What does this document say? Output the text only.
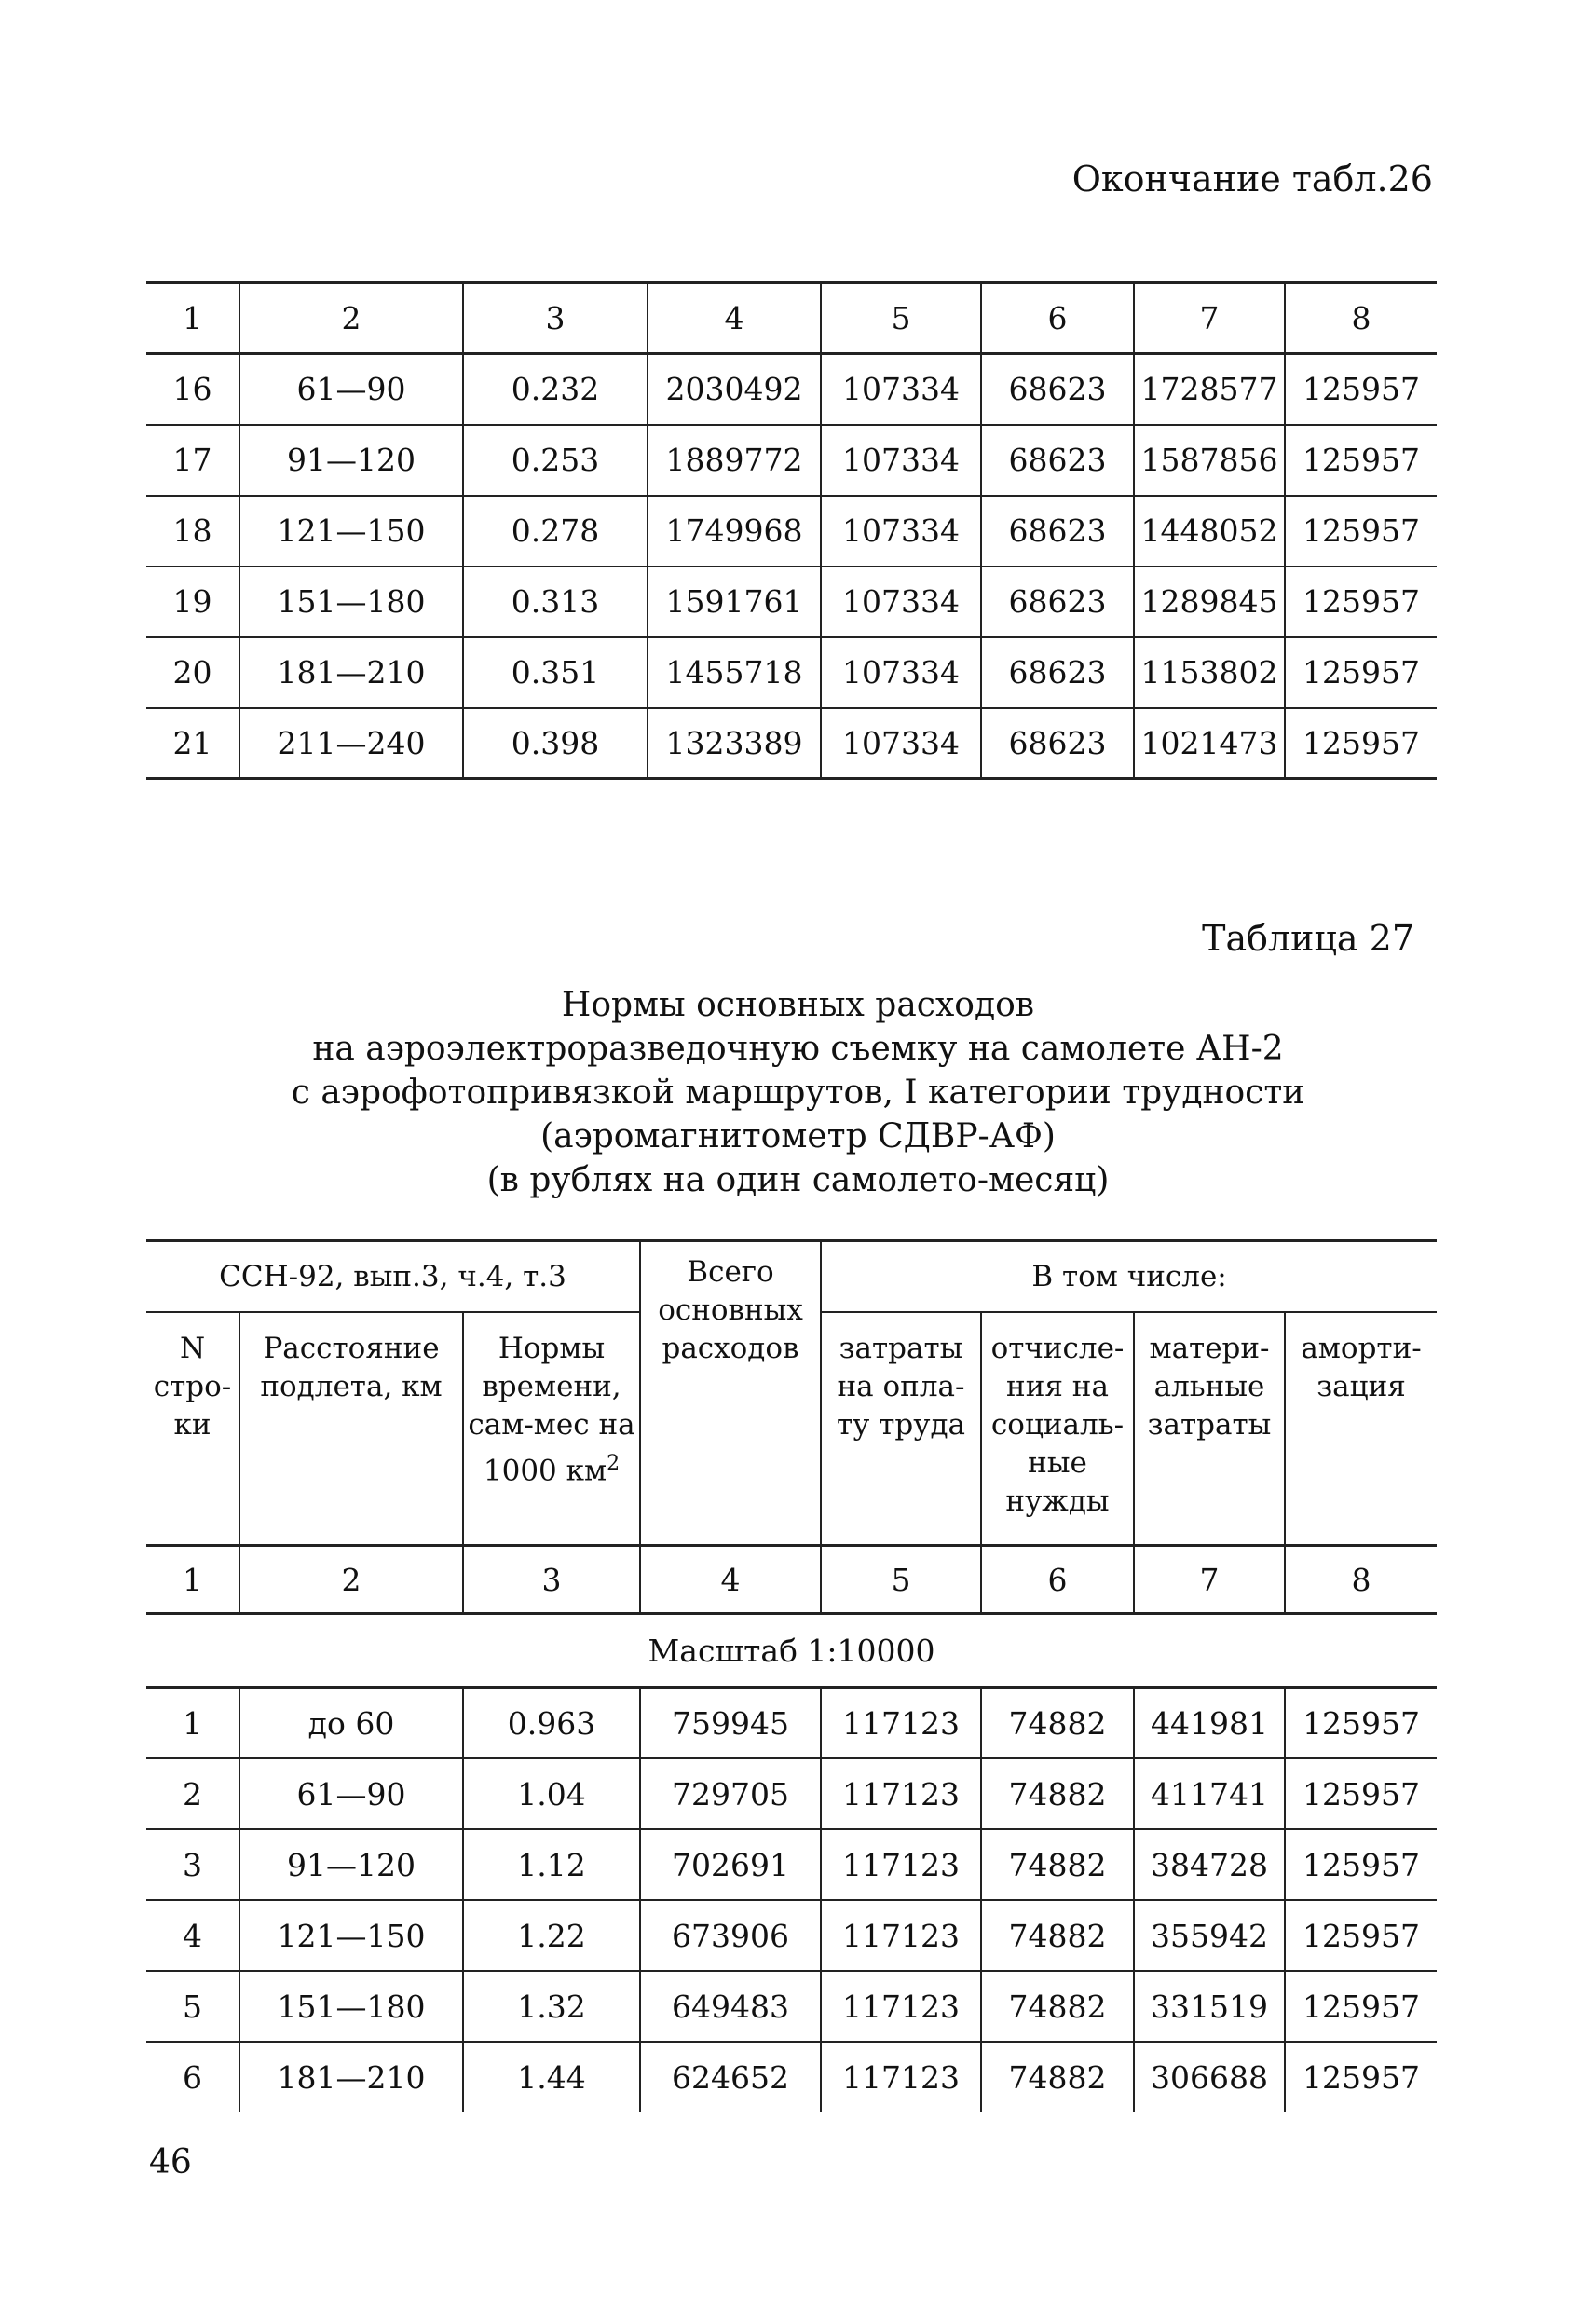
Окончание табл.26
1	2	3	4	5	6	7	8
16	61—90	0.232	2030492	107334	68623	1728577	125957
17	91—120	0.253	1889772	107334	68623	1587856	125957
18	121—150	0.278	1749968	107334	68623	1448052	125957
19	151—180	0.313	1591761	107334	68623	1289845	125957
20	181—210	0.351	1455718	107334	68623	1153802	125957
21	211—240	0.398	1323389	107334	68623	1021473	125957
Таблица 27
Нормы основных расходов
на аэроэлектроразведочную съемку на самолете АН-2
с аэрофотопривязкой маршрутов, I категории трудности
(аэромагнитометр СДВР-АФ)
(в рублях на один самолето-месяц)
ССН-92, вып.3, ч.4, т.3			Всего основных расходов	В том числе:			
N стро-ки	Расстояние подлета, км	Нормы времени, сам-мес на 1000 $км^2$		затраты на опла-ту труда	отчисле-ния на социаль-ные нужды	матери-альные затраты	аморти-зация
1	2	3	4	5	6	7	8
Масштаб 1:10000							
1	до 60	0.963	759945	117123	74882	441981	125957
2	61—90	1.04	729705	117123	74882	411741	125957
3	91—120	1.12	702691	117123	74882	384728	125957
4	121—150	1.22	673906	117123	74882	355942	125957
5	151—180	1.32	649483	117123	74882	331519	125957
6	181—210	1.44	624652	117123	74882	306688	125957
46
